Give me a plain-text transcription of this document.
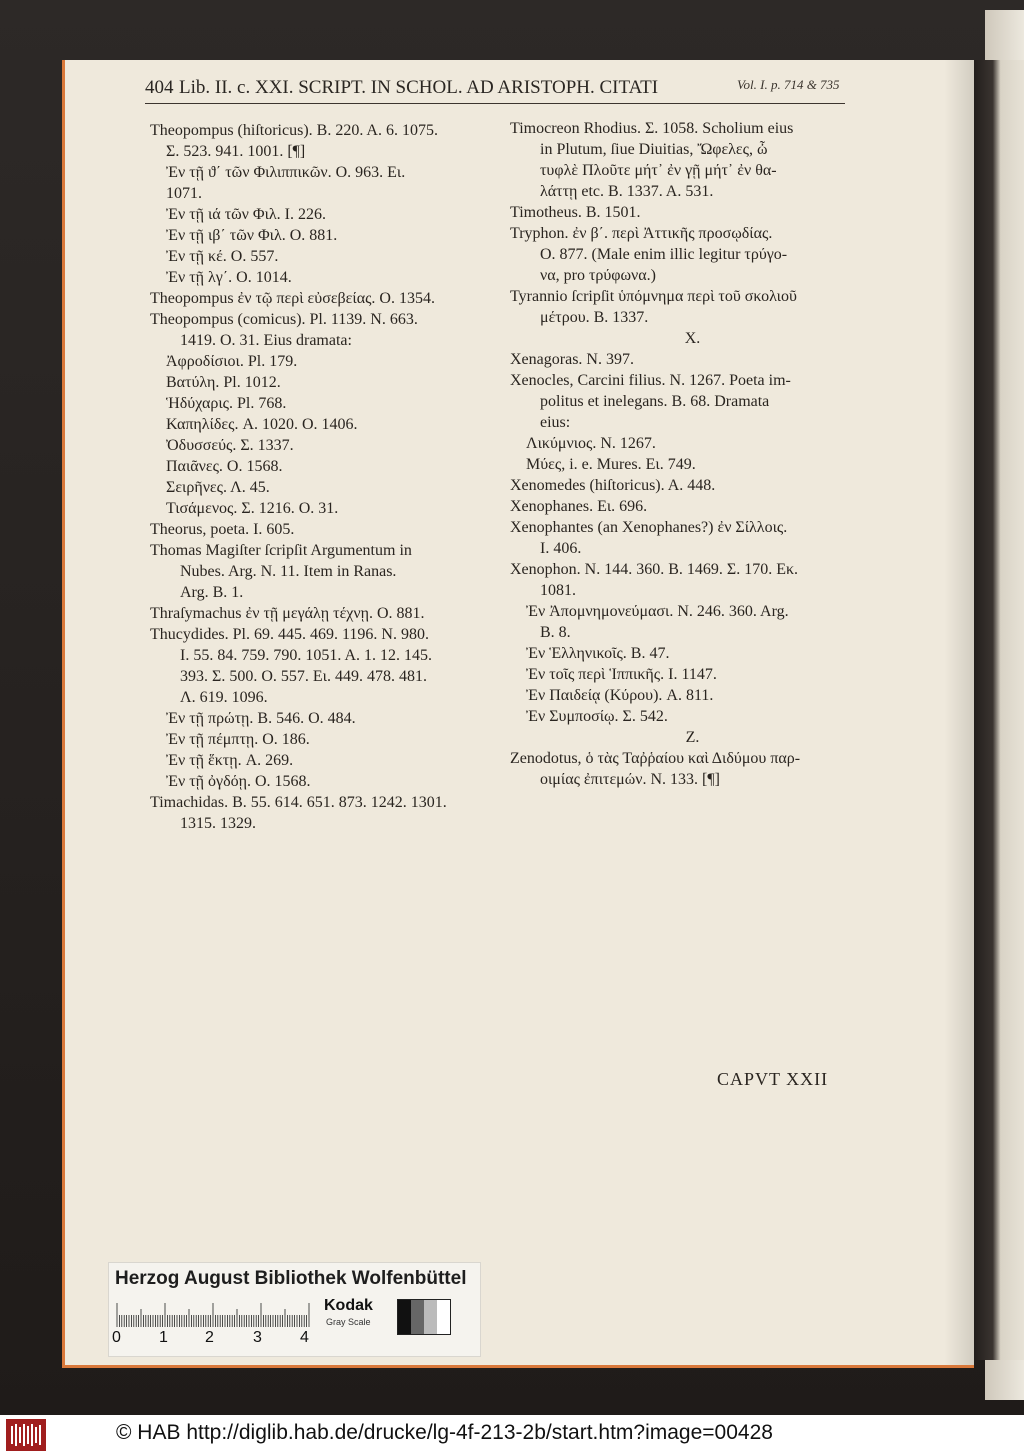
404 Lib. II. c. XXI. SCRIPT. IN SCHOL. AD ARISTOPH. CITATI	Vol. I. p. 714 & 735
Theopompus (hiſtoricus). B. 220. A. 6. 1075.
Σ. 523. 941. 1001. [¶]
Ἐν τῇ ϑ΄ τῶν Φιλιππικῶν. O. 963. Eι.
1071.
Ἐν τῇ ιά τῶν Φιλ. I. 226.
Ἐν τῇ ιβ΄ τῶν Φιλ. O. 881.
Ἐν τῇ κέ. O. 557.
Ἐν τῇ λγ΄. O. 1014.
Theopompus ἐν τῷ περὶ εὐσεβείας. O. 1354.
Theopompus (comicus). Pl. 1139. N. 663.
1419. O. 31. Eius dramata:
Ἀφροδίσιοι. Pl. 179.
Βατύλη. Pl. 1012.
Ἡδύχαρις. Pl. 768.
Καπηλίδες. A. 1020. O. 1406.
Ὀδυσσεύς. Σ. 1337.
Παιᾶνες. O. 1568.
Σειρῆνες. Λ. 45.
Τισάμενος. Σ. 1216. O. 31.
Theorus, poeta. I. 605.
Thomas Magiſter ſcripſit Argumentum in
Nubes. Arg. N. 11. Item in Ranas.
Arg. B. 1.
Thraſymachus ἐν τῇ μεγάλῃ τέχνῃ. O. 881.
Thucydides. Pl. 69. 445. 469. 1196. N. 980.
I. 55. 84. 759. 790. 1051. A. 1. 12. 145.
393. Σ. 500. O. 557. Eι. 449. 478. 481.
Λ. 619. 1096.
Ἐν τῇ πρώτῃ. B. 546. O. 484.
Ἐν τῇ πέμπτῃ. O. 186.
Ἐν τῇ ἕκτῃ. A. 269.
Ἐν τῇ ὀγδόῃ. O. 1568.
Timachidas. B. 55. 614. 651. 873. 1242. 1301.
1315. 1329.
Timocreon Rhodius. Σ. 1058. Scholium eius
in Plutum, ſiue Diuitias, Ὤφελες, ὦ
τυφλὲ Πλοῦτε μήτ᾽ ἐν γῇ μήτ᾽ ἐν θα-
λάττῃ etc. B. 1337. A. 531.
Timotheus. B. 1501.
Tryphon. ἐν β΄. περὶ Ἀττικῆς προσῳδίας.
O. 877. (Male enim illic legitur τρύγο-
να, pro τρύφωνα.)
Tyrannio ſcripſit ὑπόμνημα περὶ τοῦ σκολιοῦ
μέτρου. B. 1337.
X.
Xenagoras. N. 397.
Xenocles, Carcini filius. N. 1267. Poeta im-
politus et inelegans. B. 68. Dramata
eius:
Λικύμνιος. N. 1267.
Μύες, i. e. Mures. Eι. 749.
Xenomedes (hiſtoricus). A. 448.
Xenophanes. Eι. 696.
Xenophantes (an Xenophanes?) ἐν Σίλλοις.
I. 406.
Xenophon. N. 144. 360. B. 1469. Σ. 170. Eκ.
1081.
Ἐν Ἀπομνημονεύμασι. N. 246. 360. Arg.
B. 8.
Ἐν Ἑλληνικοῖς. B. 47.
Ἐν τοῖς περὶ Ἱππικῆς. I. 1147.
Ἐν Παιδείᾳ (Κύρου). A. 811.
Ἐν Συμποσίῳ. Σ. 542.
Z.
Zenodotus, ὁ τὰς Ταῤῥαίου καὶ Διδύμου παρ-
οιμίας ἐπιτεμών. N. 133. [¶]
CAPVT XXII
Herzog August Bibliothek Wolfenbüttel
0 1 2 3 4
Kodak
Gray Scale
© HAB http://diglib.hab.de/drucke/lg-4f-213-2b/start.htm?image=00428
